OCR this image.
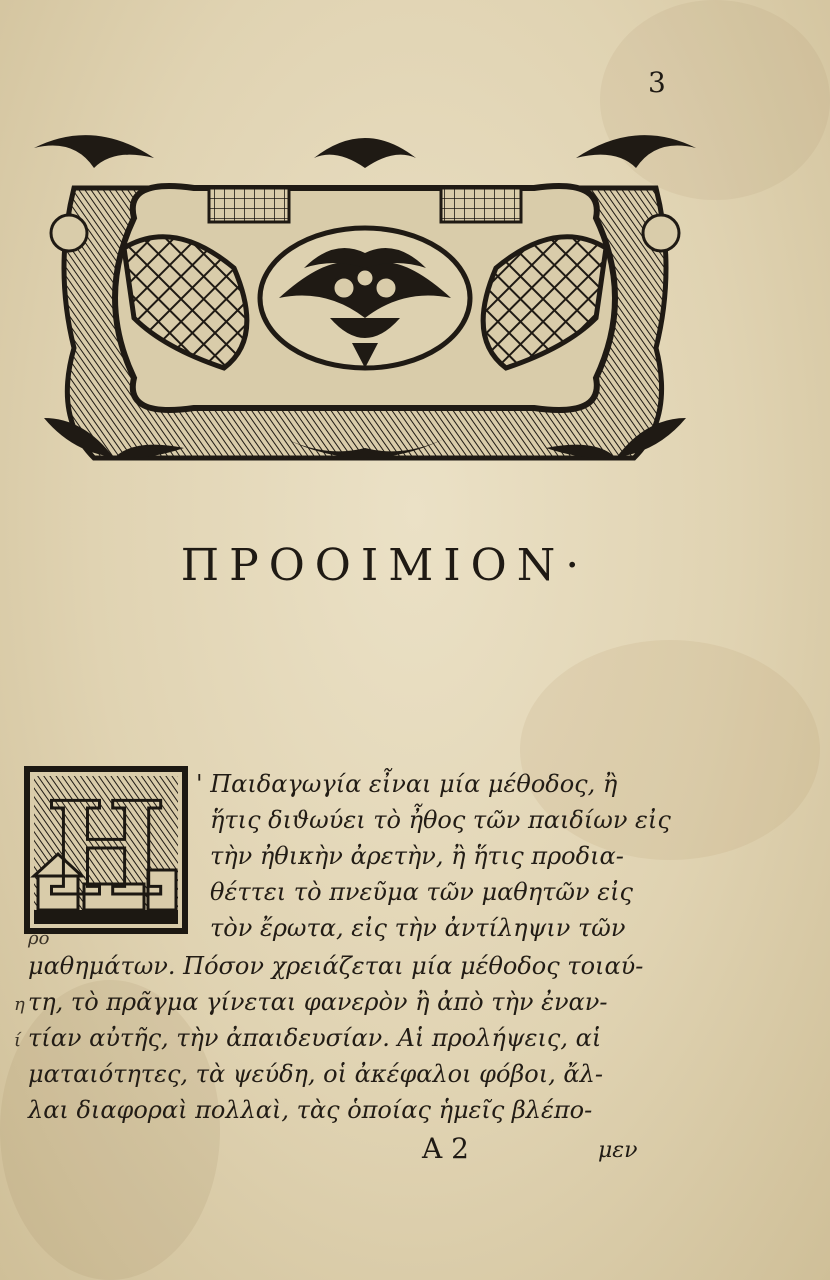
3
ΠΡΟΟΙΜΙΟΝ·
Η	' Παιδαγωγία εἶναι μία μέθοδος, ἢ
ἥτις διϑωύει τὸ ἦθος τῶν παιδίων εἰς
τὴν ἠθικὴν ἀρετὴν, ἢ ἥτις προδια-
θέττει τὸ πνεῦμα τῶν μαθητῶν εἰς
τὸν ἔρωτα, εἰς τὴν ἀντίληψιν τῶν
μαθημάτων. Πόσον χρειάζεται μία μέθοδος τοιαύ-
τη, τὸ πρᾶγμα γίνεται φανερὸν ἢ ἀπὸ τὴν ἐναν-
τίαν αὐτῆς, τὴν ἀπαιδευσίαν. Αἱ προλήψεις, αἱ
ματαιότητες, τὰ ψεύδη, οἱ ἀκέφαλοι φόβοι, ἄλ-
λαι διαφοραὶ πολλαὶ, τὰς ὁποίας ἡμεῖς βλέπο-
ρο
η
ί
Α 2	μεν
